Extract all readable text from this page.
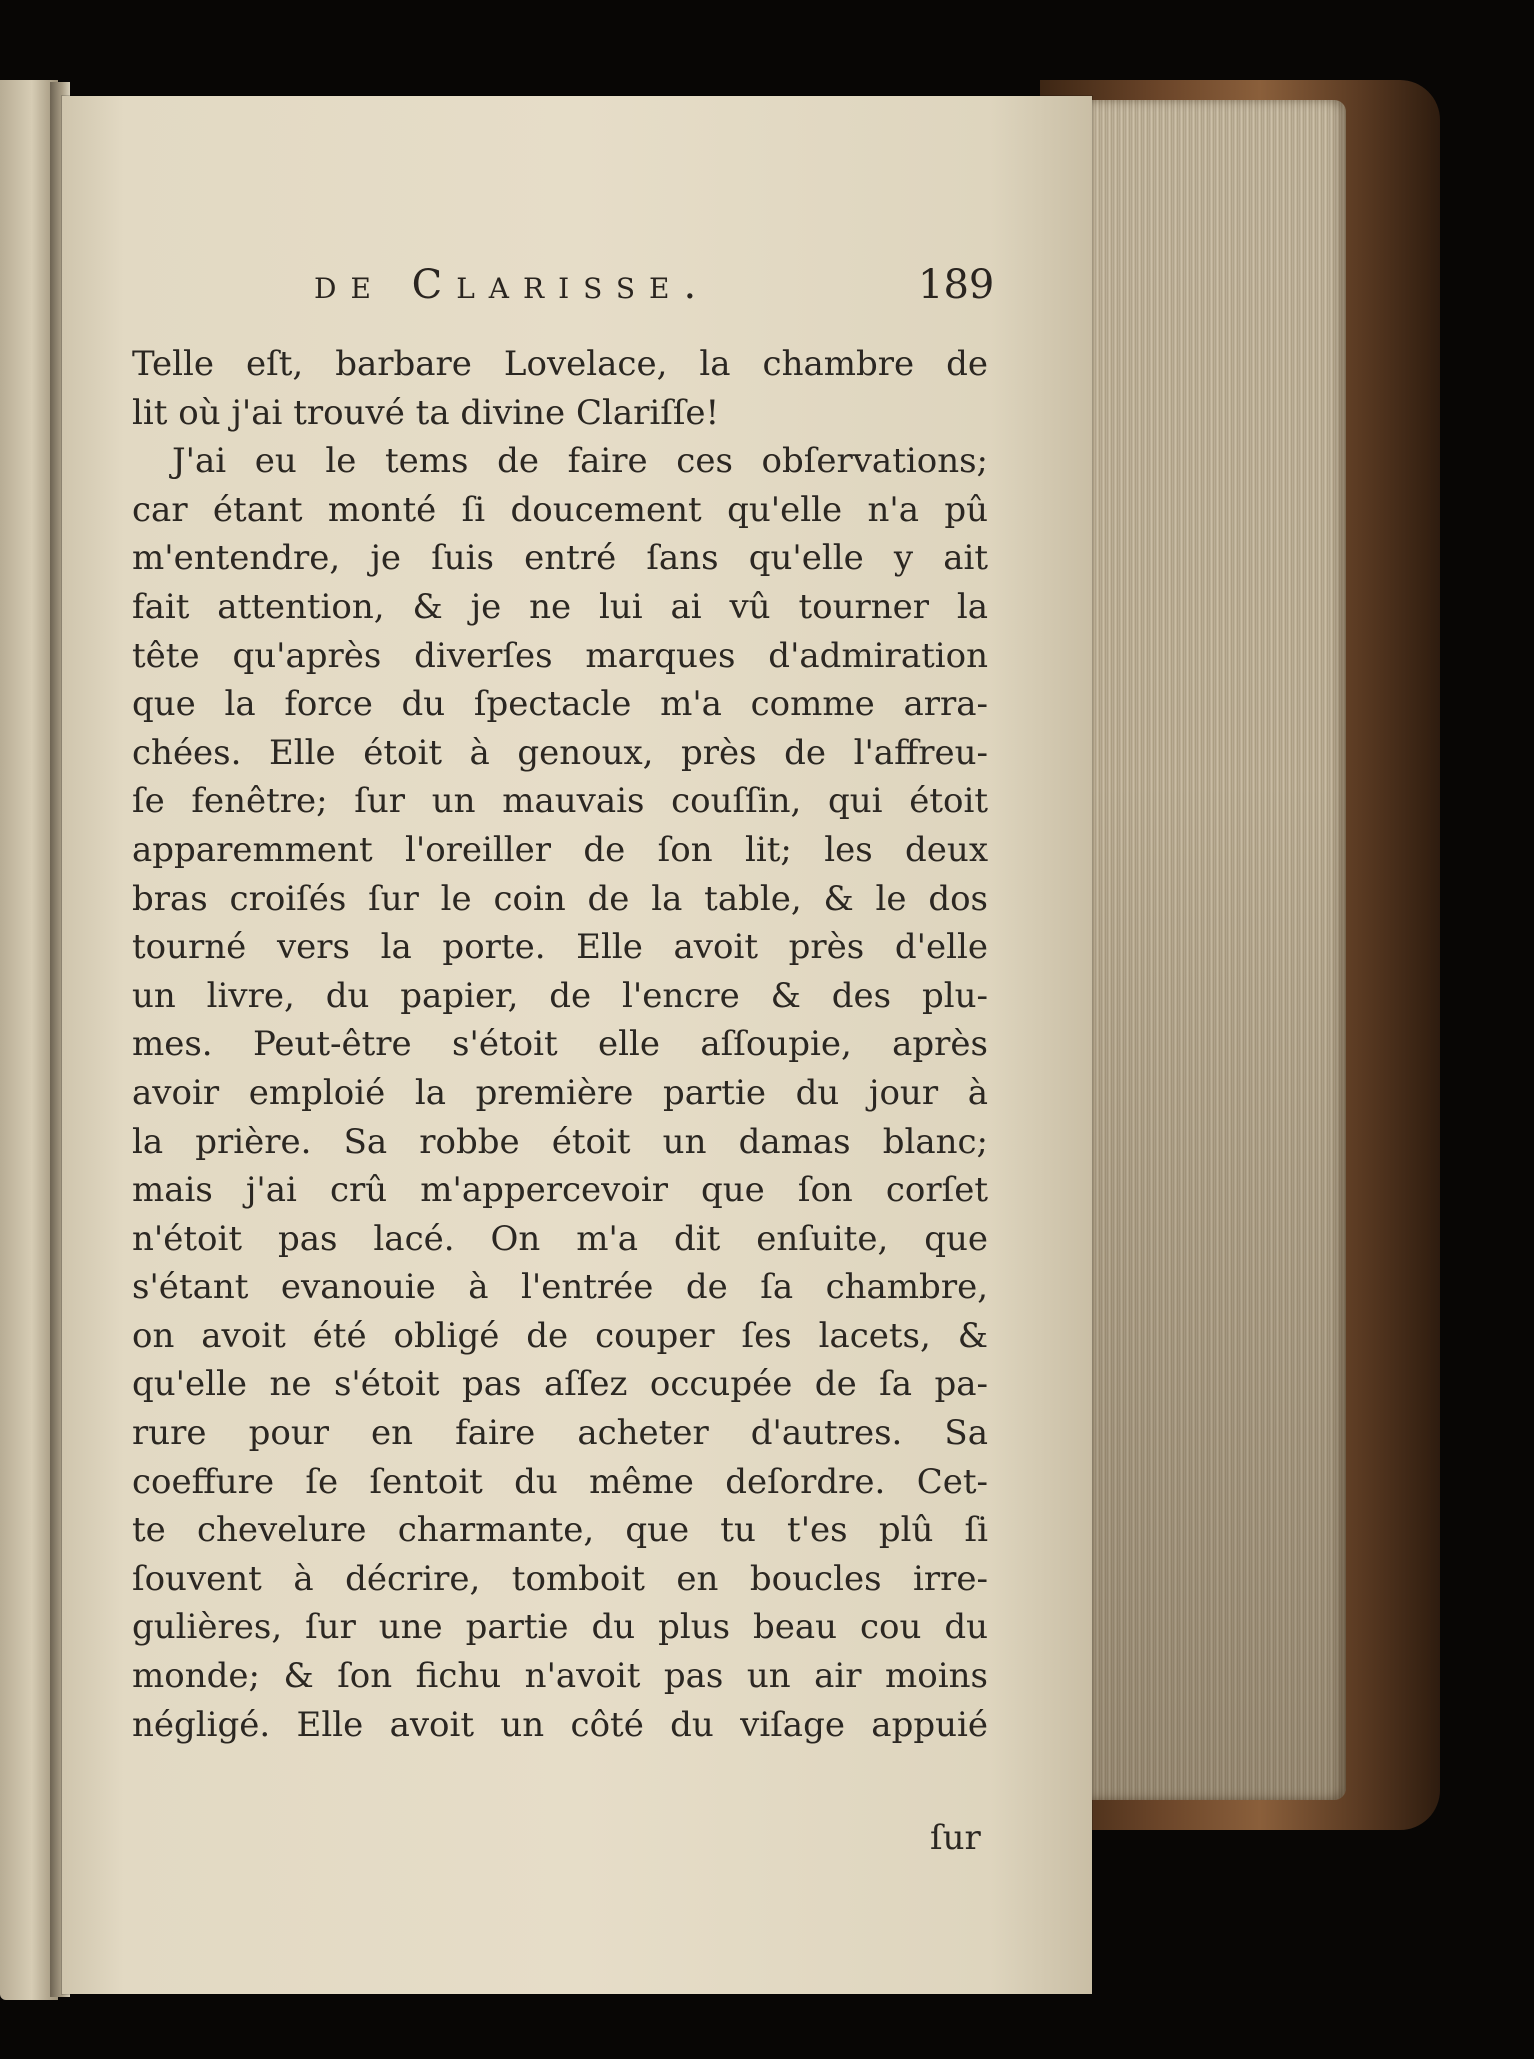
de Clarisse.	189
Telle eſt, barbare Lovelace, la chambre de
lit où j'ai trouvé ta divine Clariſſe!
J'ai eu le tems de faire ces obſervations;
car étant monté ſi doucement qu'elle n'a pû
m'entendre, je ſuis entré ſans qu'elle y ait
fait attention, & je ne lui ai vû tourner la
tête qu'après diverſes marques d'admiration
que la force du ſpectacle m'a comme arra-
chées. Elle étoit à genoux, près de l'affreu-
ſe fenêtre; ſur un mauvais couſſin, qui étoit
apparemment l'oreiller de ſon lit; les deux
bras croiſés ſur le coin de la table, & le dos
tourné vers la porte. Elle avoit près d'elle
un livre, du papier, de l'encre & des plu-
mes. Peut-être s'étoit elle aſſoupie, après
avoir emploié la première partie du jour à
la prière. Sa robbe étoit un damas blanc;
mais j'ai crû m'appercevoir que ſon corſet
n'étoit pas lacé. On m'a dit enſuite, que
s'étant evanouie à l'entrée de ſa chambre,
on avoit été obligé de couper ſes lacets, &
qu'elle ne s'étoit pas aſſez occupée de ſa pa-
rure pour en faire acheter d'autres. Sa
coeffure ſe ſentoit du même deſordre. Cet-
te chevelure charmante, que tu t'es plû ſi
ſouvent à décrire, tomboit en boucles irre-
gulières, ſur une partie du plus beau cou du
monde; & ſon fichu n'avoit pas un air moins
négligé. Elle avoit un côté du viſage appuié
ſur
